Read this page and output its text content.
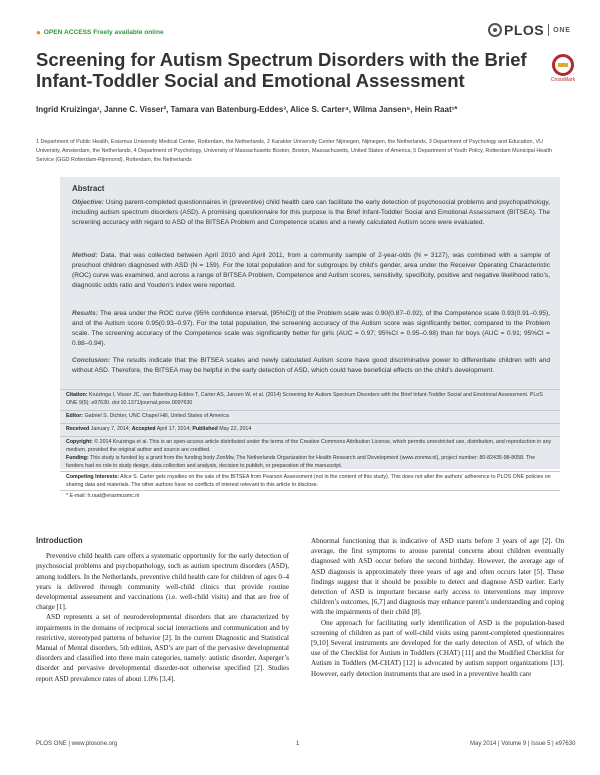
● OPEN ACCESS Freely available online	PLOS ONE
Screening for Autism Spectrum Disorders with the Brief Infant-Toddler Social and Emotional Assessment	CrossMark
Ingrid Kruizinga¹, Janne C. Visser², Tamara van Batenburg-Eddes³, Alice S. Carter⁴, Wilma Jansen⁵, Hein Raat¹*
1 Department of Public Health, Erasmus University Medical Center, Rotterdam, the Netherlands, 2 Karakter University Center Nijmegen, Nijmegen, the Netherlands, 3 Department of Psychology and Education, VU University, Amsterdam, the Netherlands, 4 Department of Psychology, University of Massachusetts Boston, Boston, Massachusetts, United States of America, 5 Department of Youth Policy, Rotterdam Municipal Health Service (GGD Rotterdam-Rijnmond), Rotterdam, the Netherlands
Abstract
Objective: Using parent-completed questionnaires in (preventive) child health care can facilitate the early detection of psychosocial problems and psychopathology, including autism spectrum disorders (ASD). A promising questionnaire for this purpose is the Brief Infant-Toddler Social and Emotional Assessment (BITSEA). The screening accuracy with regard to ASD of the BITSEA Problem and Competence scales and a newly calculated Autism score were evaluated.
Method: Data, that was collected between April 2010 and April 2011, from a community sample of 2-year-olds (N = 3127), was combined with a sample of preschool children diagnosed with ASD (N = 159). For the total population and for subgroups by child’s gender, area under the Receiver Operating Characteristic (ROC) curve was examined, and across a range of BITSEA Problem, Competence and Autism scores, sensitivity, specificity, positive and negative likelihood ratio’s, diagnostic odds ratio and Youden’s index were reported.
Results: The area under the ROC curve (95% confidence interval, [95%CI]) of the Problem scale was 0.90(0.87–0.92), of the Competence scale 0.93(0.91–0.95), and of the Autism score 0.95(0.93–0.97). For the total population, the screening accuracy of the Autism score was significantly better, compared to the Problem scale. The screening accuracy of the Competence scale was significantly better for girls (AUC = 0.97; 95%CI = 0.95–0.98) than for boys (AUC = 0.91; 95%CI = 0.88–0.94).
Conclusion: The results indicate that the BITSEA scales and newly calculated Autism score have good discriminative power to differentiate children with and without ASD. Therefore, the BITSEA may be helpful in the early detection of ASD, which could have beneficial effects on the child’s development.
Citation: Kruizinga I, Visser JC, van Batenburg-Eddes T, Carter AS, Jansen W, et al. (2014) Screening for Autism Spectrum Disorders with the Brief Infant-Toddler Social and Emotional Assessment. PLoS ONE 9(5): e97630. doi:10.1371/journal.pone.0097630
Editor: Gabriel S. Dichter, UNC Chapel Hill, United States of America
Received January 7, 2014; Accepted April 17, 2014; Published May 22, 2014
Copyright: © 2014 Kruizinga et al. This is an open-access article distributed under the terms of the Creative Commons Attribution License, which permits unrestricted use, distribution, and reproduction in any medium, provided the original author and source are credited.
Funding: This study is funded by a grant from the funding body ZonMw, The Netherlands Organization for Health Research and Development (www.zonmw.nl), project number: 80-82435-98-8058. The funders had no role in study design, data collection and analysis, decision to publish, or preparation of the manuscript.
Competing Interests: Alice S. Carter gets royalties on the sale of the BITSEA from Pearson Assessment (not in the content of this study). This does not alter the authors’ adherence to PLOS ONE policies on sharing data and materials. The other authors have no conflicts of interest relevant to this article to disclose.
* E-mail: h.raat@erasmusmc.nl
Introduction

Preventive child health care offers a systematic opportunity for the early detection of psychosocial problems and psychopathology, such as autism spectrum disorders (ASD), among toddlers. In the Netherlands, preventive child health care for children of ages 0–4 years is delivered through community well-child clinics that provide routine developmental assessment and vaccinations (i.e. well-child visits) and that are free of charge [1].

ASD represents a set of neurodevelopmental disorders that are characterized by impairments in the domains of reciprocal social interactions and communication and by restrictive, stereotyped patterns of behavior [2]. In the current Diagnostic and Statistical Manual of Mental disorders, 5th edition, ASD’s are part of the pervasive developmental disorders and classified into three main categories, namely: autistic disorder, Asperger’s disorder and pervasive developmental disorder-not otherwise specified [2]. Studies report ASD prevalence rates of about 1.0% [3,4].

Abnormal functioning that is indicative of ASD starts before 3 years of age [2]. On average, the first symptoms to arouse parental concerns about children eventually diagnosed with ASD occur before the second birthday. However, the average age of ASD diagnosis is approximately three years of age and often occurs later [5]. These findings suggest that it should be possible to detect and diagnose ASD earlier. Early detection of ASD is important because early access to interventions may improve children’s outcomes, [6,7] and diagnosis may enhance parent’s understanding and coping with the impairments of their child [8].

One approach for facilitating early identification of ASD is the population-based screening of children as part of well-child visits using parent-completed questionnaires [9,10] Several instruments are developed for the early detection of ASD, of which the use of the Checklist for Autism in Toddlers (CHAT) [11] and the Modified Checklist for Autism in Toddlers (M-CHAT) [12] is advocated by autism support organizations [13]. However, early detection instruments that are used in a preventive health care

PLOS ONE | www.plosone.org	1	May 2014 | Volume 9 | Issue 5 | e97630
